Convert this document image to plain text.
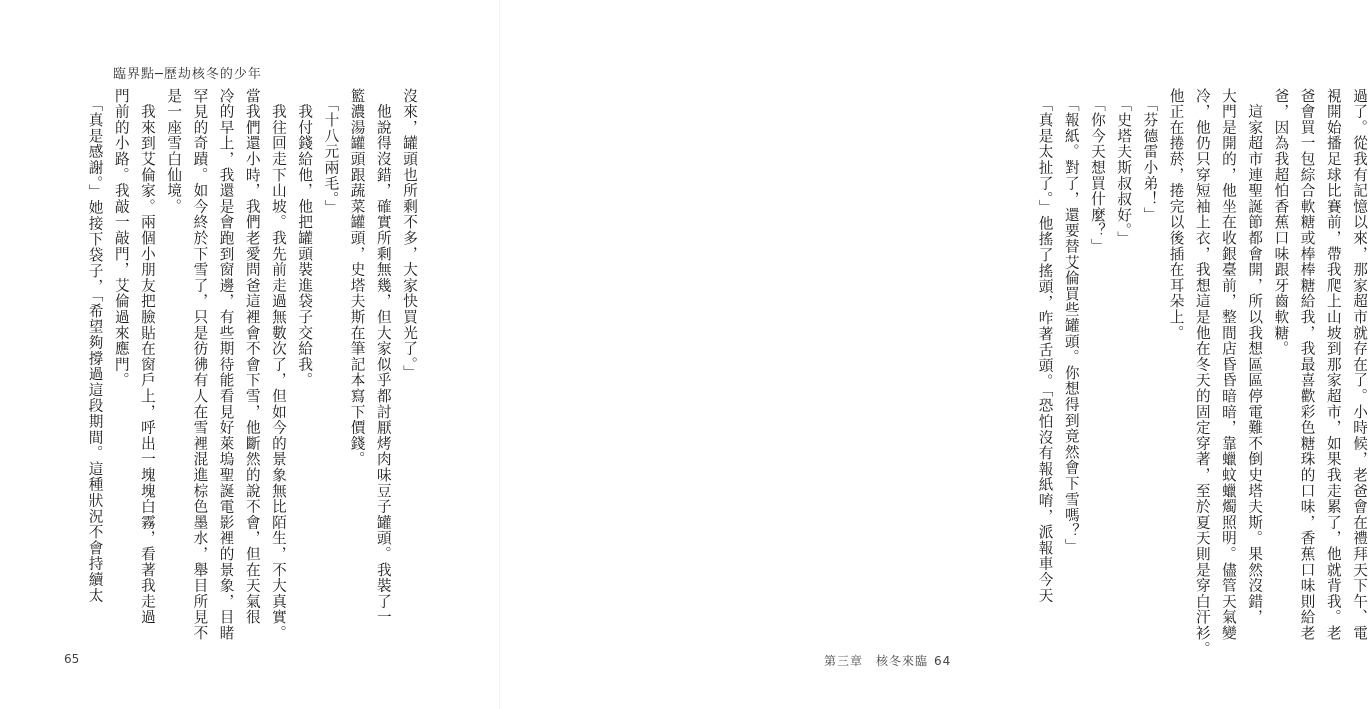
臨界點─歷劫核冬的少年
沒來，罐頭也所剩不多，大家快買光了。」
　他說得沒錯，確實所剩無幾，但大家似乎都討厭烤肉味豆子罐頭。我裝了一
籃濃湯罐頭跟蔬菜罐頭，史塔夫斯在筆記本寫下價錢。
　「十八元兩毛。」
　我付錢給他，他把罐頭裝進袋子交給我。
　我往回走下山坡。我先前走過無數次了，但如今的景象無比陌生，不大真實。
當我們還小時，我們老愛問爸這裡會不會下雪，他斷然的說不會，但在天氣很
冷的早上，我還是會跑到窗邊，有些期待能看見好萊塢聖誕電影裡的景象，目睹
罕見的奇蹟。如今終於下雪了，只是彷彿有人在雪裡混進棕色墨水，舉目所見不
是一座雪白仙境。
　我來到艾倫家。兩個小朋友把臉貼在窗戶上，呼出一塊塊白霧，看著我走過
門前的小路。我敲一敲門，艾倫過來應門。
　「真是感謝。」她接下袋子，「希望夠撐過這段期間。這種狀況不會持續太
65
過了。從我有記憶以來，那家超市就存在了。小時候，老爸會在禮拜天下午、電
視開始播足球比賽前，帶我爬上山坡到那家超市，如果我走累了，他就背我。老
爸會買一包綜合軟糖或棒棒糖給我，我最喜歡彩色糖珠的口味，香蕉口味則給老
爸，因為我超怕香蕉口味跟牙齒軟糖。
　這家超市連聖誕節都會開，所以我想區區停電難不倒史塔夫斯。果然沒錯，
大門是開的，他坐在收銀臺前，整間店昏昏暗暗，靠蠟蚊蠟燭照明。儘管天氣變
冷，他仍只穿短袖上衣，我想這是他在冬天的固定穿著，至於夏天則是穿白汗衫。
他正在捲菸，捲完以後插在耳朵上。
　「芬德雷小弟！」
　「史塔夫斯叔叔好。」
　「你今天想買什麼？」
　「報紙。對了，還要替艾倫買些罐頭。你想得到竟然會下雪嗎？」
　「真是太扯了。」他搖了搖頭，咋著舌頭。「恐怕沒有報紙唷，派報車今天
第三章　核冬來臨 64
